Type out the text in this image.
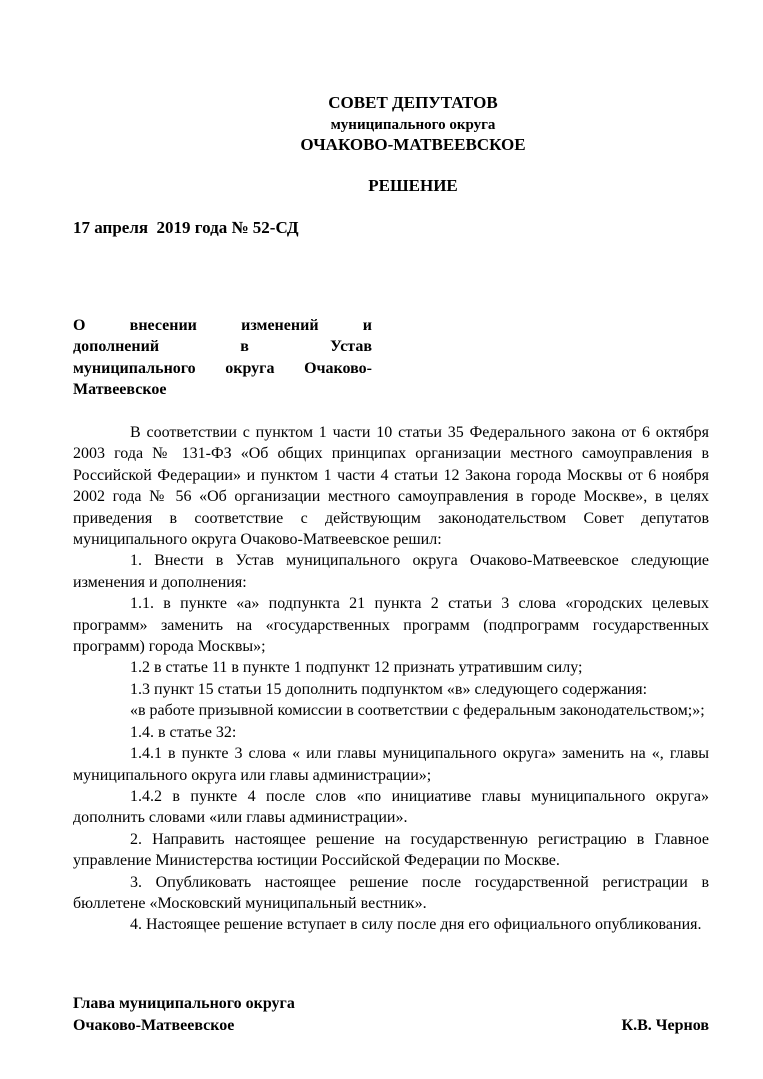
СОВЕТ ДЕПУТАТОВ
муниципального округа
ОЧАКОВО-МАТВЕЕВСКОЕ
РЕШЕНИЕ
17 апреля  2019 года № 52-СД
О внесении изменений и
дополнений в Устав
муниципального округа Очаково-
Матвеевское

В соответствии с пунктом 1 части 10 статьи 35 Федерального закона от 6 октября 2003 года № 131-ФЗ «Об общих принципах организации местного самоуправления в Российской Федерации» и пунктом 1 части 4 статьи 12 Закона города Москвы от 6 ноября 2002 года № 56 «Об организации местного самоуправления в городе Москве», в целях приведения в соответствие с действующим законодательством Совет депутатов муниципального округа Очаково-Матвеевское решил:

1. Внести в Устав муниципального округа Очаково-Матвеевское следующие изменения и дополнения:

1.1. в пункте «а» подпункта 21 пункта 2 статьи 3 слова «городских целевых программ» заменить на «государственных программ (подпрограмм государственных программ) города Москвы»;

1.2 в статье 11 в пункте 1 подпункт 12 признать утратившим силу;

1.3 пункт 15 статьи 15 дополнить подпунктом «в» следующего содержания:

«в работе призывной комиссии в соответствии с федеральным законодательством;»;

1.4. в статье 32:

1.4.1 в пункте 3 слова « или главы муниципального округа» заменить на «, главы муниципального округа или главы администрации»;

1.4.2 в пункте 4 после слов «по инициативе главы муниципального округа» дополнить словами «или главы администрации».

2. Направить настоящее решение на государственную регистрацию в Главное управление Министерства юстиции Российской Федерации по Москве.

3. Опубликовать настоящее решение после государственной регистрации в бюллетене «Московский муниципальный вестник».

4. Настоящее решение вступает в силу после дня его официального опубликования.

Глава муниципального округа
Очаково-Матвеевское	К.В. Чернов
